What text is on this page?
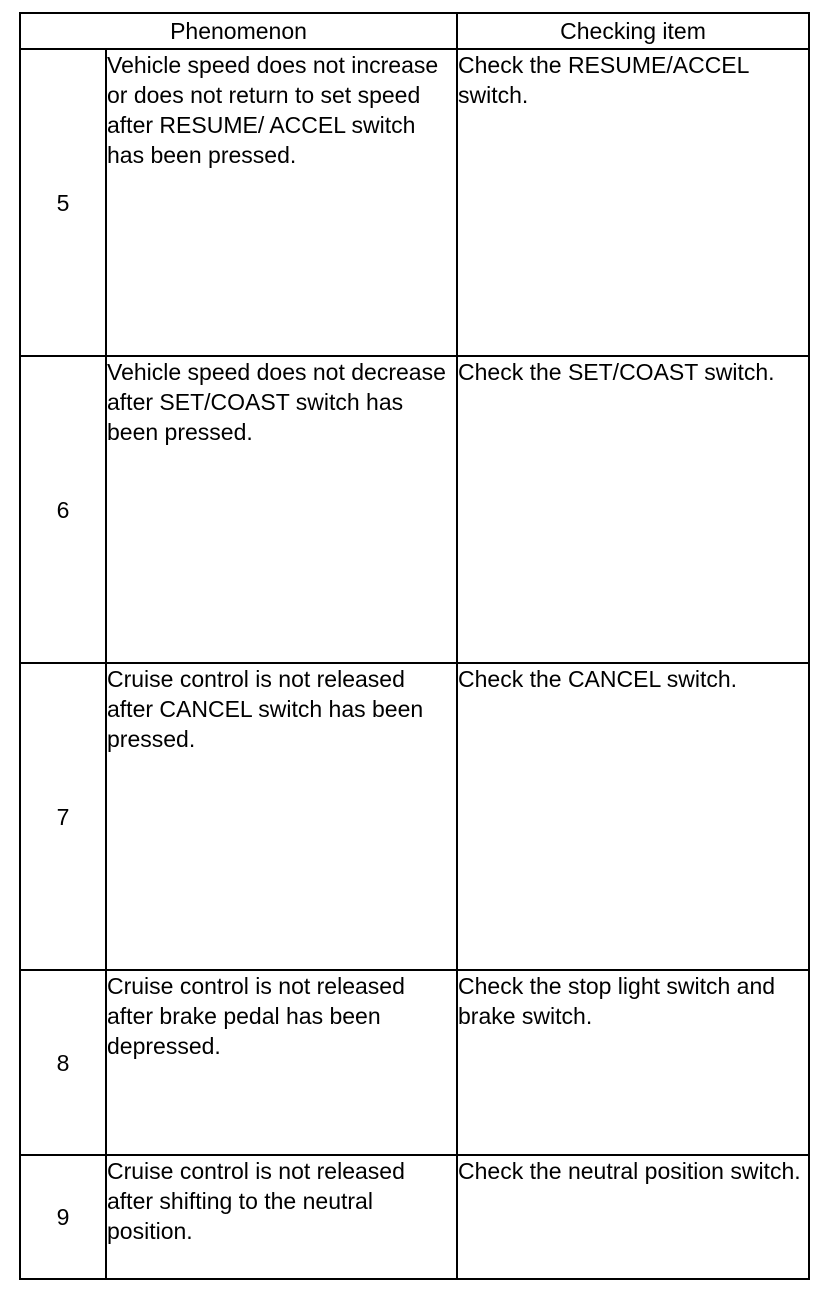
Phenomenon		Checking item
5	Vehicle speed does not increase or does not return to set speed after RESUME/ ACCEL switch has been pressed.	Check the RESUME/ACCEL switch.
6	Vehicle speed does not decrease after SET/COAST switch has been pressed.	Check the SET/COAST switch.
7	Cruise control is not released after CANCEL switch has been pressed.	Check the CANCEL switch.
8	Cruise control is not released after brake pedal has been depressed.	Check the stop light switch and brake switch.
9	Cruise control is not released after shifting to the neutral position.	Check the neutral position switch.
